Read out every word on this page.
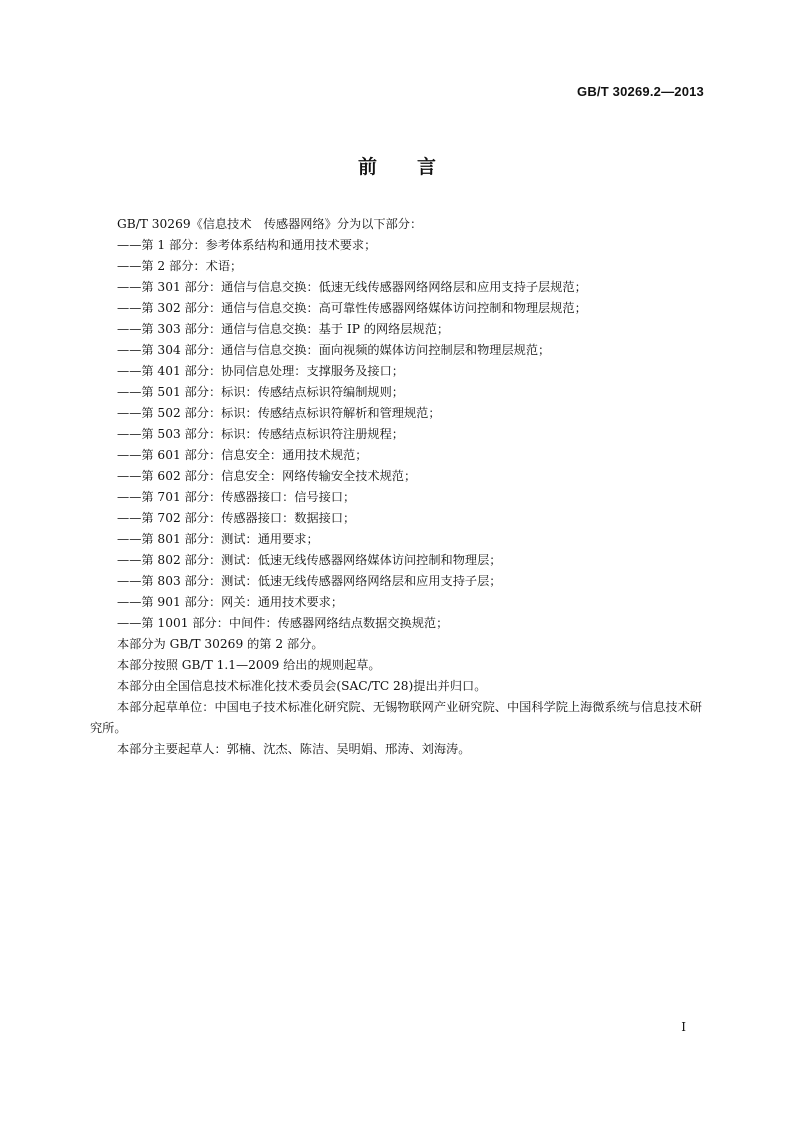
GB/T 30269.2—2013
前 言
GB/T 30269《信息技术　传感器网络》分为以下部分：
——第 1 部分：参考体系结构和通用技术要求；
——第 2 部分：术语；
——第 301 部分：通信与信息交换：低速无线传感器网络网络层和应用支持子层规范；
——第 302 部分：通信与信息交换：高可靠性传感器网络媒体访问控制和物理层规范；
——第 303 部分：通信与信息交换：基于 IP 的网络层规范；
——第 304 部分：通信与信息交换：面向视频的媒体访问控制层和物理层规范；
——第 401 部分：协同信息处理：支撑服务及接口；
——第 501 部分：标识：传感结点标识符编制规则；
——第 502 部分：标识：传感结点标识符解析和管理规范；
——第 503 部分：标识：传感结点标识符注册规程；
——第 601 部分：信息安全：通用技术规范；
——第 602 部分：信息安全：网络传输安全技术规范；
——第 701 部分：传感器接口：信号接口；
——第 702 部分：传感器接口：数据接口；
——第 801 部分：测试：通用要求；
——第 802 部分：测试：低速无线传感器网络媒体访问控制和物理层；
——第 803 部分：测试：低速无线传感器网络网络层和应用支持子层；
——第 901 部分：网关：通用技术要求；
——第 1001 部分：中间件：传感器网络结点数据交换规范；
本部分为 GB/T 30269 的第 2 部分。
本部分按照 GB/T 1.1—2009 给出的规则起草。
本部分由全国信息技术标准化技术委员会(SAC/TC 28)提出并归口。
本部分起草单位：中国电子技术标准化研究院、无锡物联网产业研究院、中国科学院上海微系统与信息技术研究所。
本部分主要起草人：郭楠、沈杰、陈洁、吴明娟、邢涛、刘海涛。
I
